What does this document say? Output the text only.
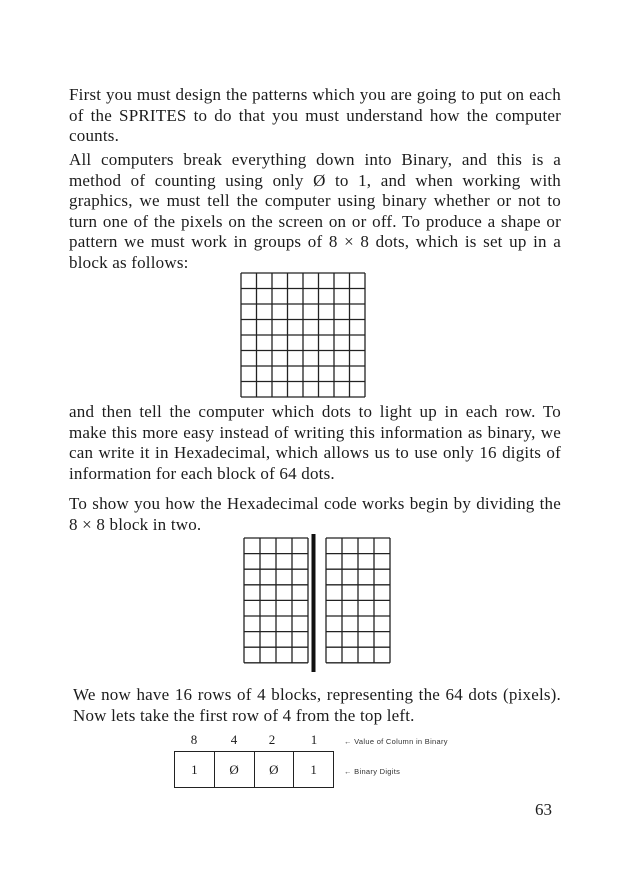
First you must design the patterns which you are going to put on each of the SPRITES to do that you must understand how the computer counts.

All computers break everything down into Binary, and this is a method of counting using only Ø to 1, and when working with graphics, we must tell the computer using binary whether or not to turn one of the pixels on the screen on or off. To produce a shape or pattern we must work in groups of 8 × 8 dots, which is set up in a block as follows:

and then tell the computer which dots to light up in each row. To make this more easy instead of writing this information as binary, we can write it in Hexadecimal, which allows us to use only 16 digits of information for each block of 64 dots.

To show you how the Hexadecimal code works begin by dividing the 8 × 8 block in two.

We now have 16 rows of 4 blocks, representing the 64 dots (pixels). Now lets take the first row of 4 from the top left.

8	4	2	1	← Value of Column in Binary
1	Ø	Ø	1	← Binary Digits
63
